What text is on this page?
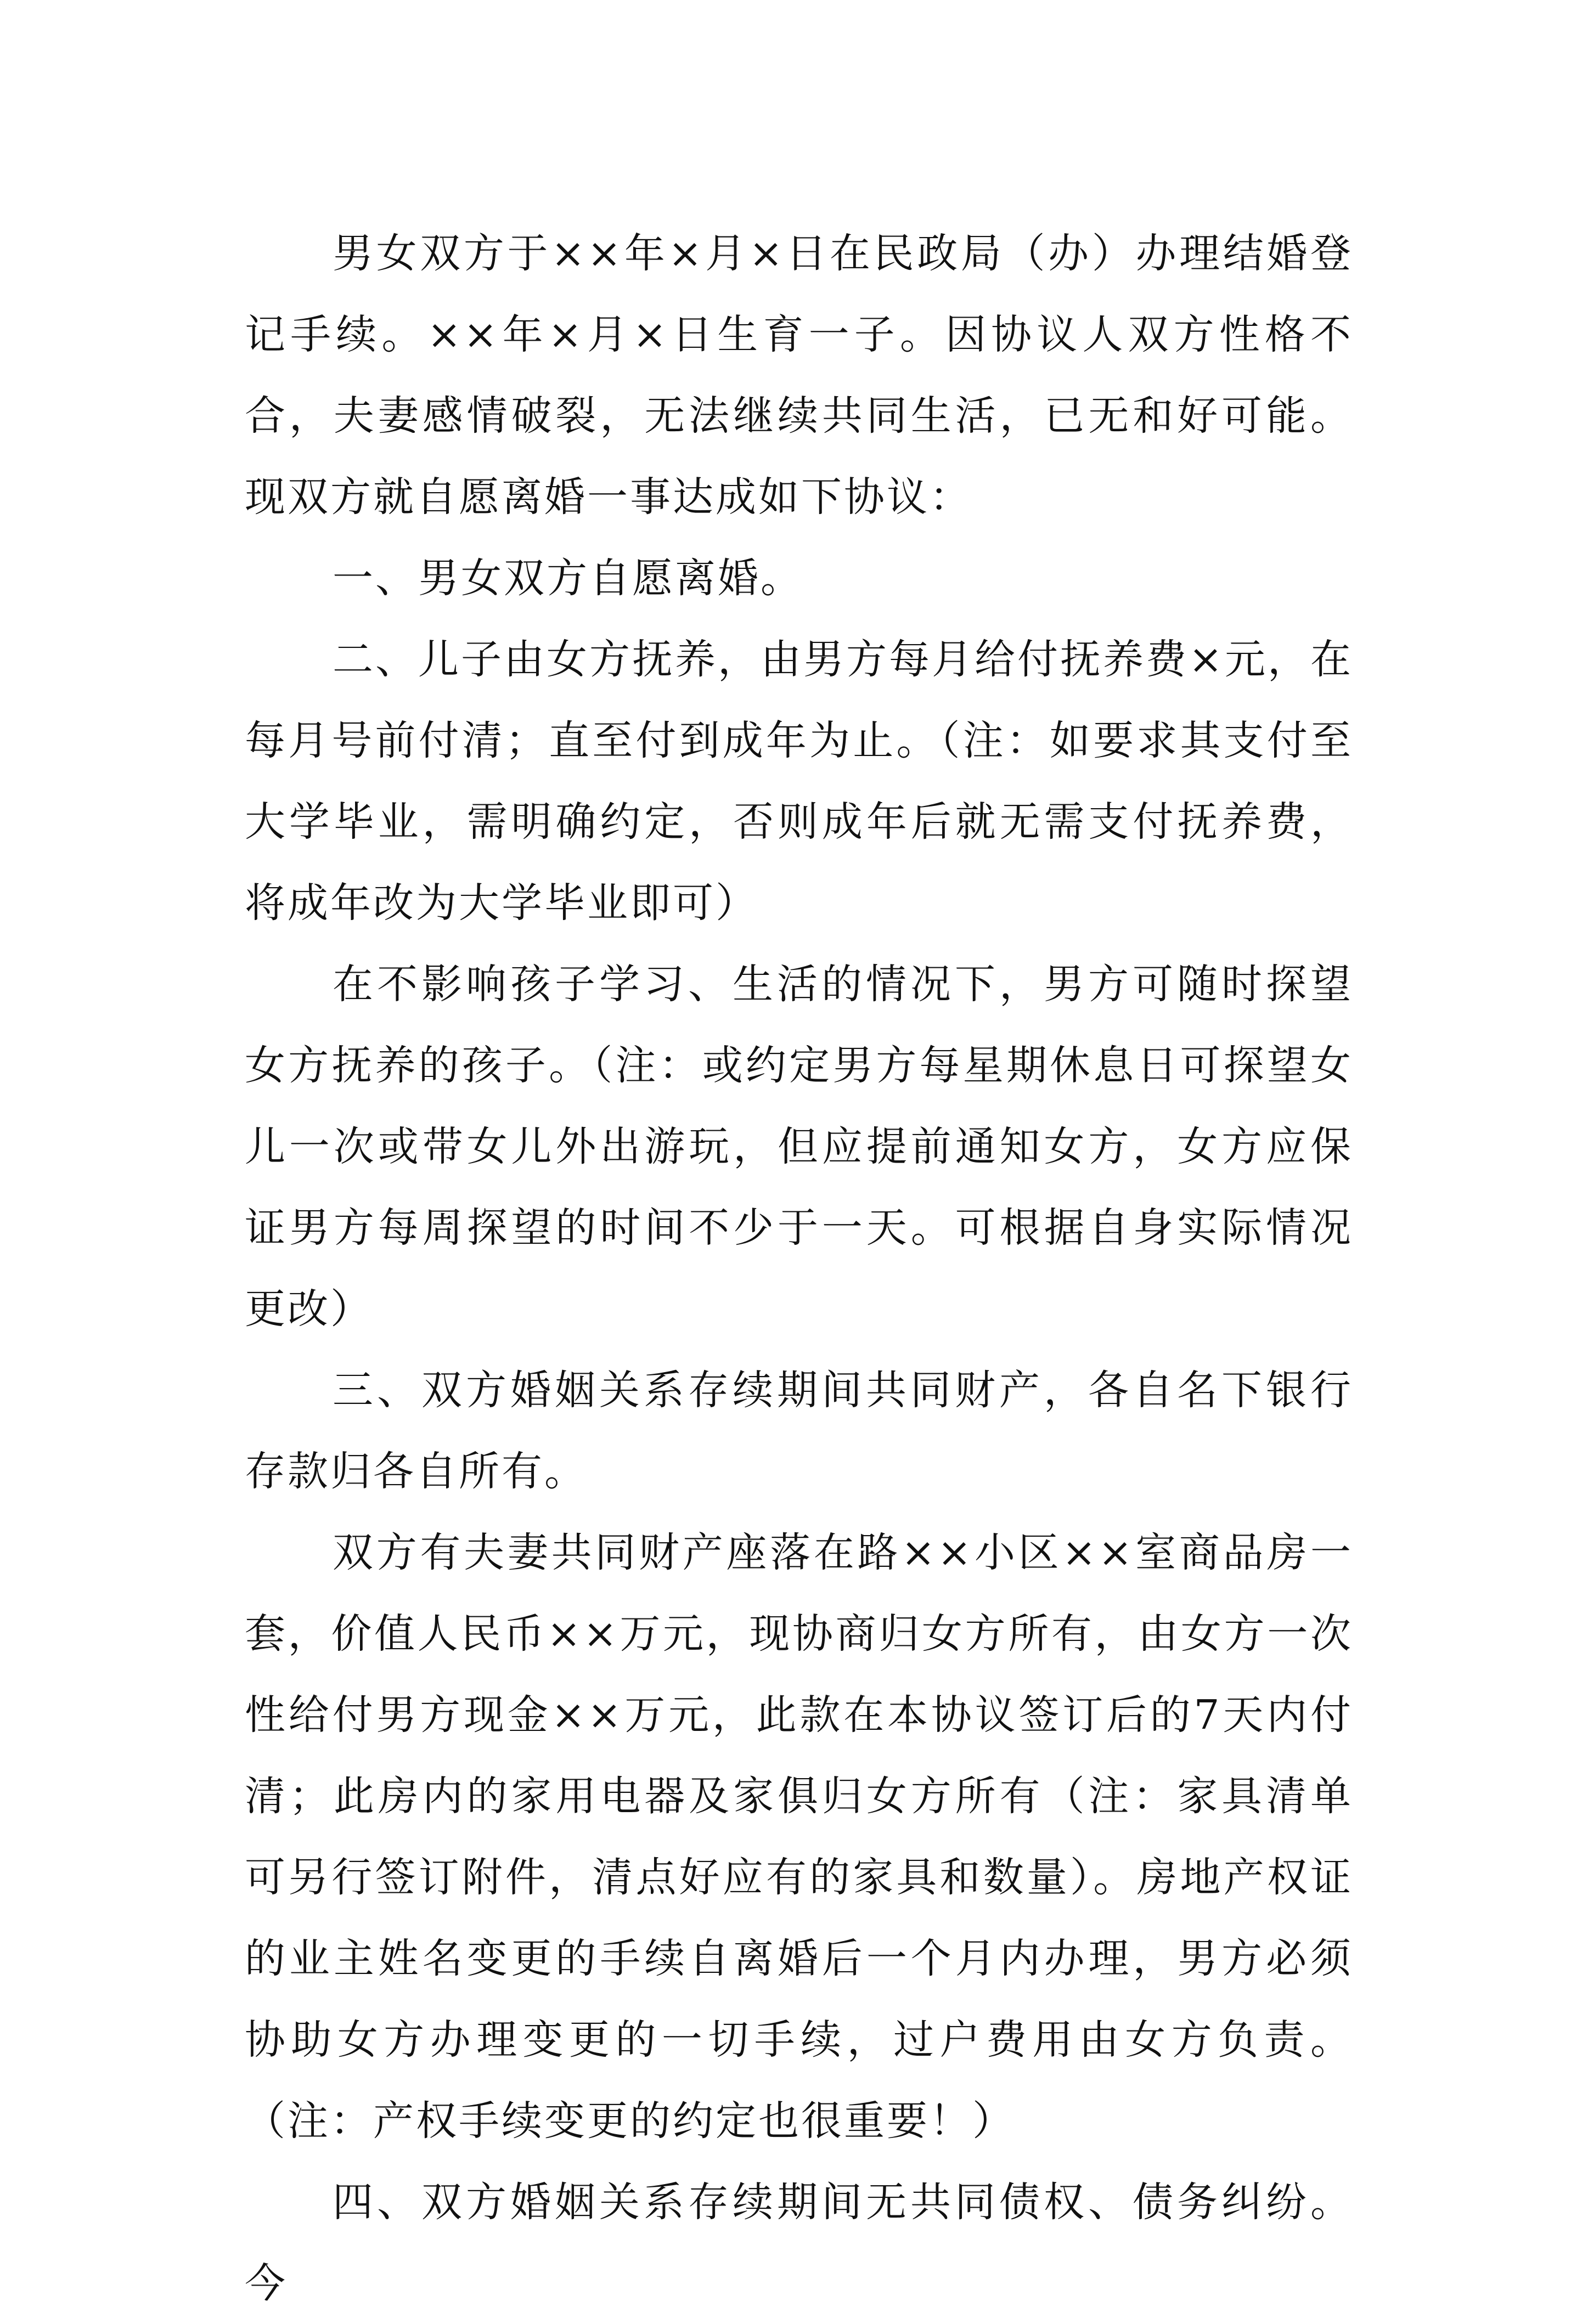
男女双方于××年×月×日在民政局（办）办理结婚登记手续。××年×月×日生育一子。因协议人双方性格不合，夫妻感情破裂，无法继续共同生活，已无和好可能。现双方就自愿离婚一事达成如下协议：

一、男女双方自愿离婚。

二、儿子由女方抚养，由男方每月给付抚养费×元，在每月号前付清；直至付到成年为止。（注：如要求其支付至大学毕业，需明确约定，否则成年后就无需支付抚养费，将成年改为大学毕业即可）

在不影响孩子学习、生活的情况下，男方可随时探望女方抚养的孩子。（注：或约定男方每星期休息日可探望女儿一次或带女儿外出游玩，但应提前通知女方，女方应保证男方每周探望的时间不少于一天。可根据自身实际情况更改）

三、双方婚姻关系存续期间共同财产，各自名下银行存款归各自所有。

双方有夫妻共同财产座落在路××小区××室商品房一套，价值人民币××万元，现协商归女方所有，由女方一次性给付男方现金××万元，此款在本协议签订后的7天内付清；此房内的家用电器及家俱归女方所有（注：家具清单可另行签订附件，清点好应有的家具和数量）。房地产权证的业主姓名变更的手续自离婚后一个月内办理，男方必须协助女方办理变更的一切手续，过户费用由女方负责。（注：产权手续变更的约定也很重要！）

四、双方婚姻关系存续期间无共同债权、债务纠纷。今
